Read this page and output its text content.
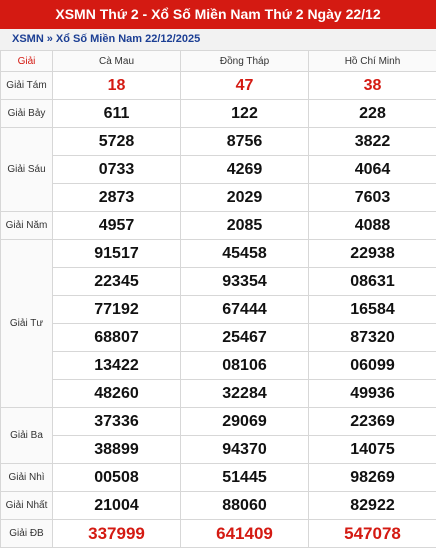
XSMN Thứ 2 - Xổ Số Miền Nam Thứ 2 Ngày 22/12
XSMN » Xổ Số Miền Nam 22/12/2025
Giải	Cà Mau	Đồng Tháp	Hồ Chí Minh
Giải Tám	18	47	38
Giải Bảy	611	122	228
Giải Sáu	5728	8756	3822
	0733	4269	4064
	2873	2029	7603
Giải Năm	4957	2085	4088
Giải Tư	91517	45458	22938
	22345	93354	08631
	77192	67444	16584
	68807	25467	87320
	13422	08106	06099
	48260	32284	49936
Giải Ba	37336	29069	22369
	38899	94370	14075
Giải Nhì	00508	51445	98269
Giải Nhất	21004	88060	82922
Giải ĐB	337999	641409	547078
